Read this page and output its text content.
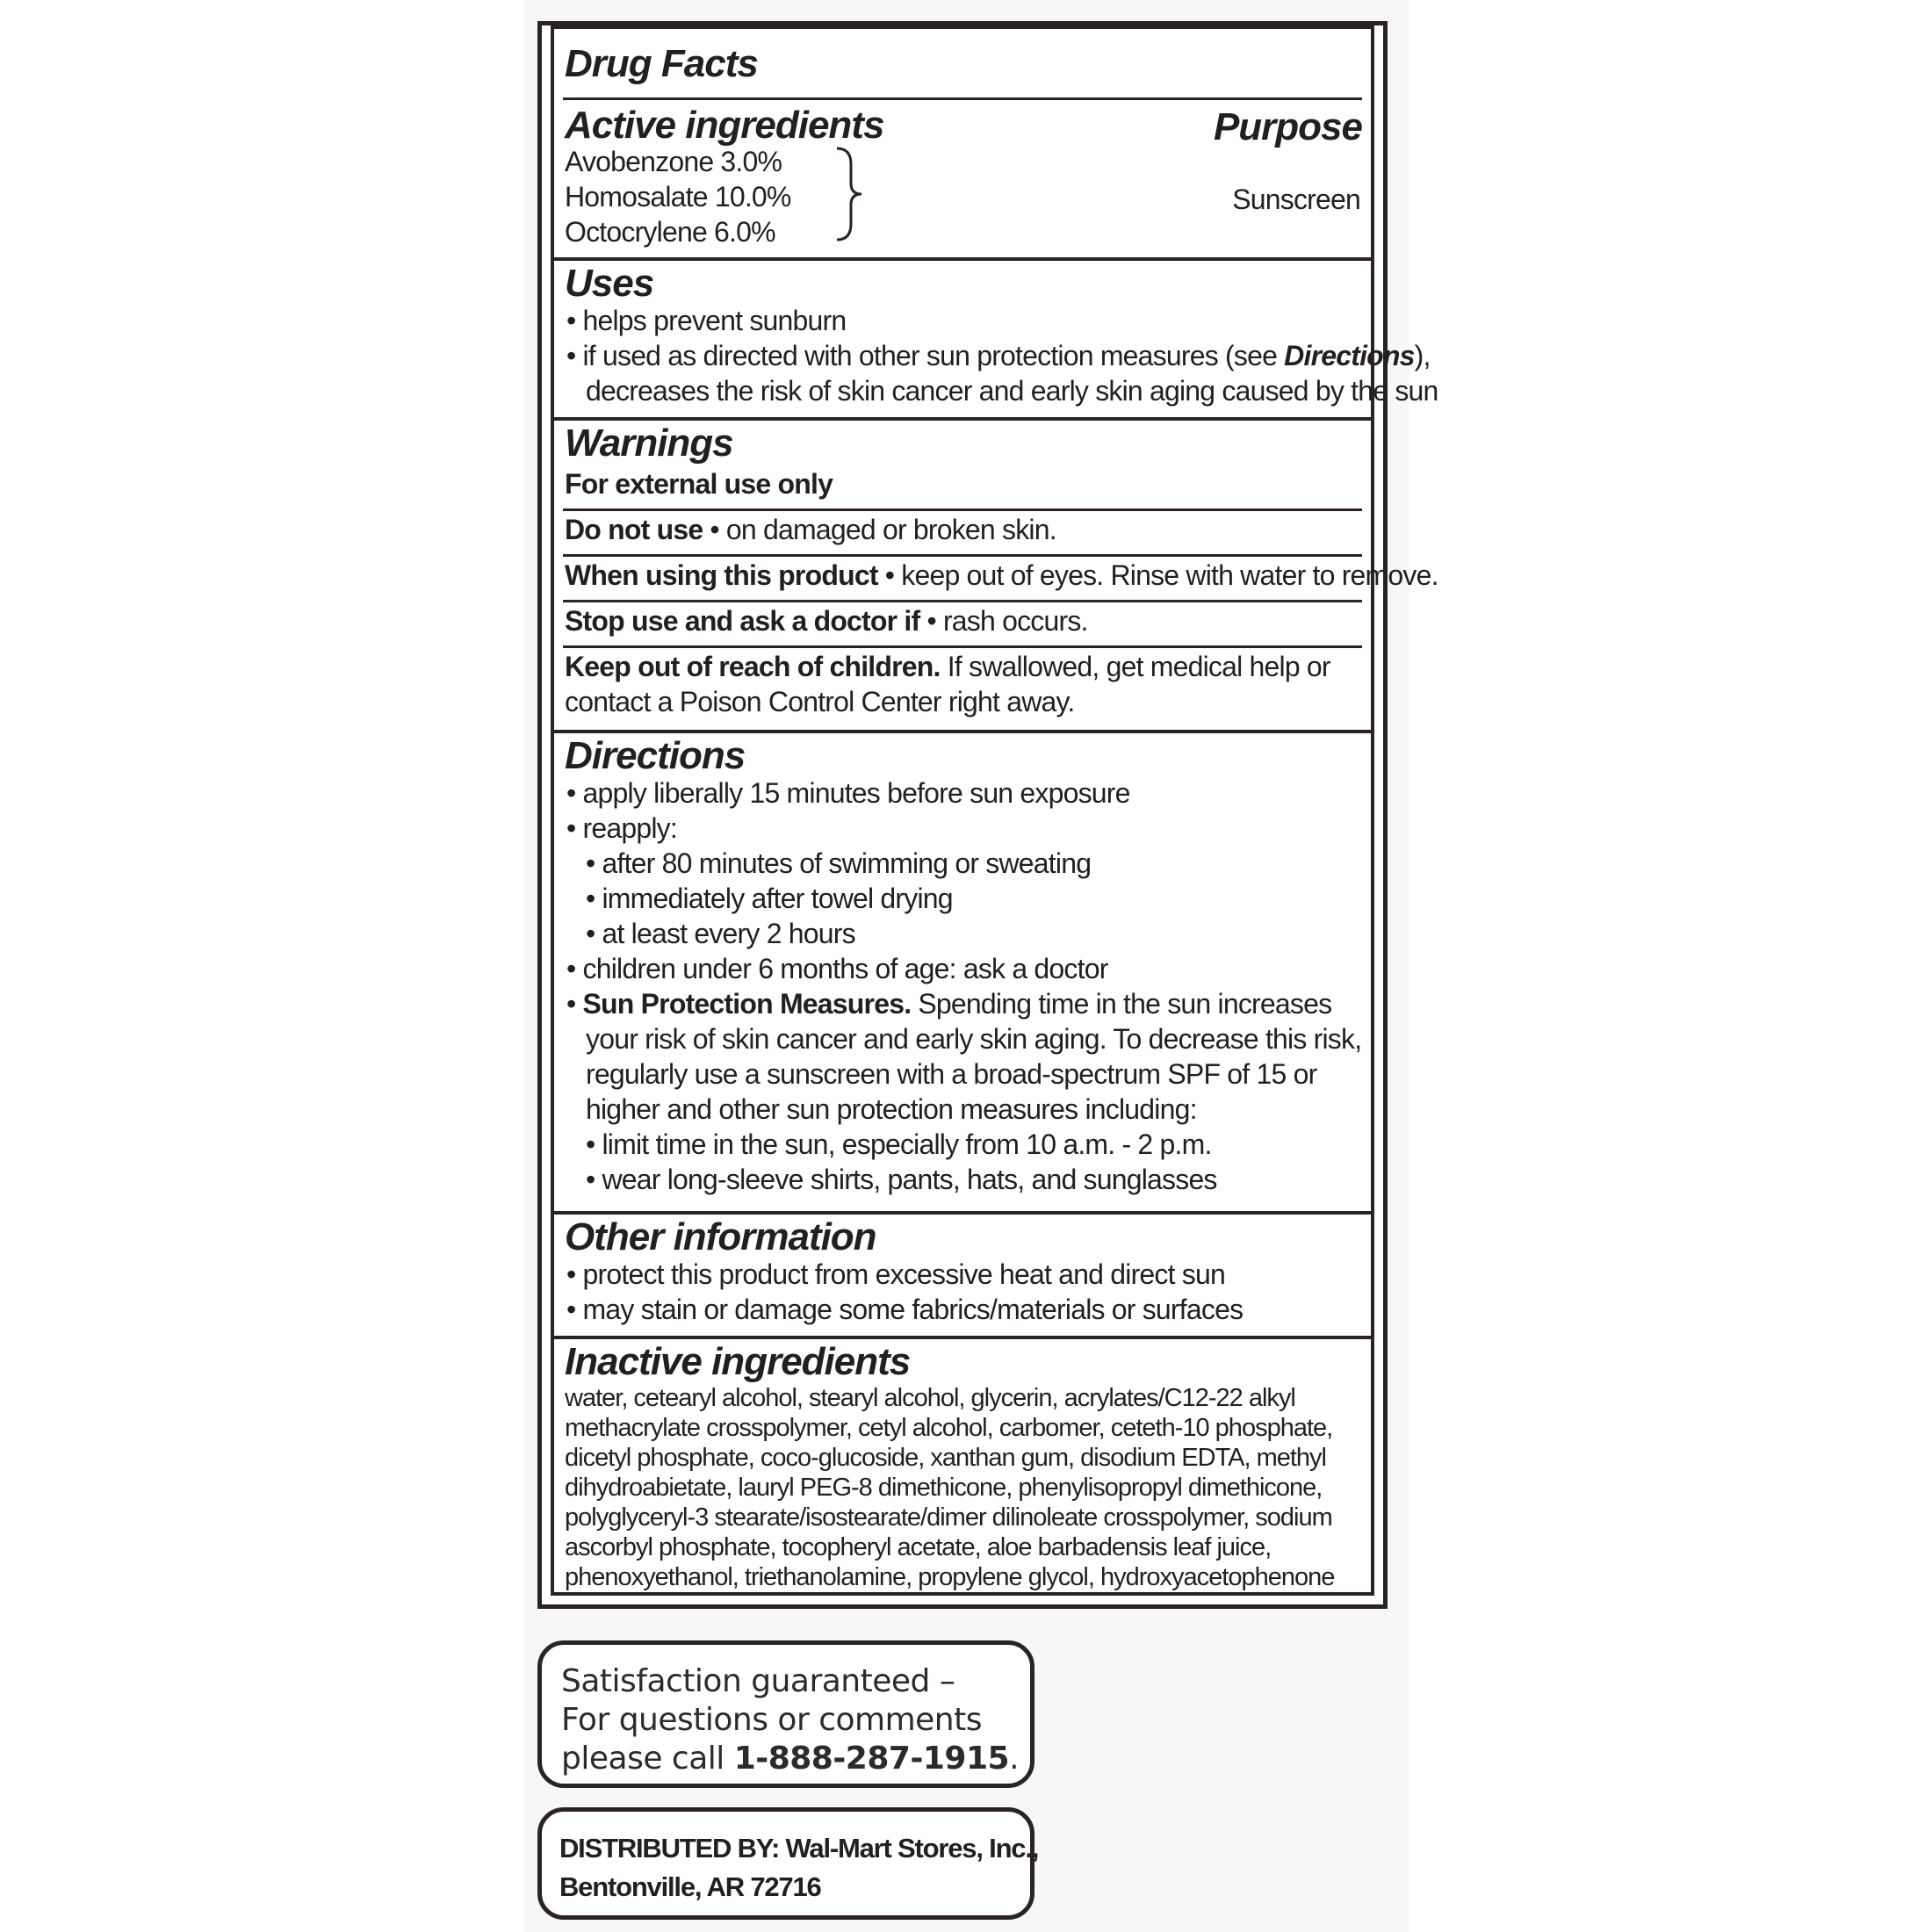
Drug Facts
Active ingredients	Purpose
Avobenzone 3.0%
Homosalate 10.0%
Octocrylene 6.0%
Sunscreen
Uses
• helps prevent sunburn
• if used as directed with other sun protection measures (see Directions),
decreases the risk of skin cancer and early skin aging caused by the sun
Warnings
For external use only
Do not use • on damaged or broken skin.
When using this product • keep out of eyes. Rinse with water to remove.
Stop use and ask a doctor if • rash occurs.
Keep out of reach of children. If swallowed, get medical help or
contact a Poison Control Center right away.
Directions
• apply liberally 15 minutes before sun exposure
• reapply:
• after 80 minutes of swimming or sweating
• immediately after towel drying
• at least every 2 hours
• children under 6 months of age: ask a doctor
• Sun Protection Measures. Spending time in the sun increases
your risk of skin cancer and early skin aging. To decrease this risk,
regularly use a sunscreen with a broad-spectrum SPF of 15 or
higher and other sun protection measures including:
• limit time in the sun, especially from 10 a.m. - 2 p.m.
• wear long-sleeve shirts, pants, hats, and sunglasses
Other information
• protect this product from excessive heat and direct sun
• may stain or damage some fabrics/materials or surfaces
Inactive ingredients
water, cetearyl alcohol, stearyl alcohol, glycerin, acrylates/C12-22 alkyl methacrylate crosspolymer, cetyl alcohol, carbomer, ceteth-10 phosphate, dicetyl phosphate, coco-glucoside, xanthan gum, disodium EDTA, methyl dihydroabietate, lauryl PEG-8 dimethicone, phenylisopropyl dimethicone, polyglyceryl-3 stearate/isostearate/dimer dilinoleate crosspolymer, sodium ascorbyl phosphate, tocopheryl acetate, aloe barbadensis leaf juice, phenoxyethanol, triethanolamine, propylene glycol, hydroxyacetophenone
Satisfaction guaranteed –
For questions or comments
please call 1-888-287-1915.
DISTRIBUTED BY: Wal-Mart Stores, Inc.,
Bentonville, AR 72716
